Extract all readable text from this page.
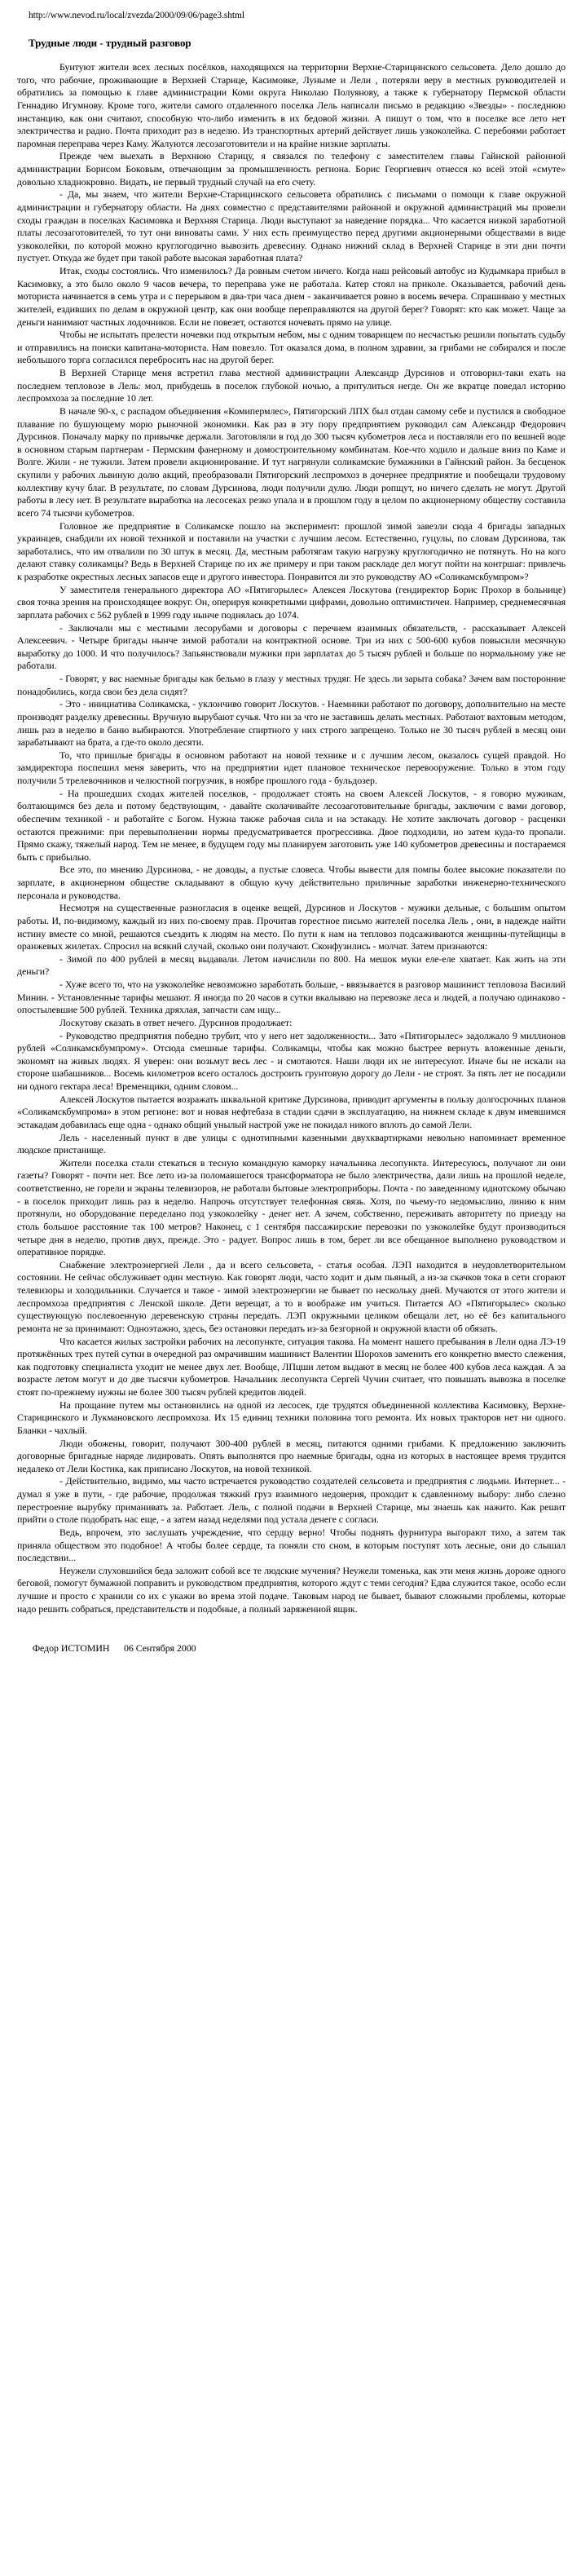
http://www.nevod.ru/local/zvezda/2000/09/06/page3.shtml
Трудные люди - трудный разговор

Бунтуют жители всех лесных посёлков, находящихся на территории Верхне-Старицинского сельсовета. Дело дошло до того, что рабочие, проживающие в Верхней Старице, Касимовке, Луныме и Лели , потеряли веру в местных руководителей и обратились за помощью к главе администрации Коми округа Николаю Полуянову, а также к губернатору Пермской области Геннадию Игумнову. Кроме того, жители самого отдаленного поселка Лель написали письмо в редакцию «Звезды» - последнюю инстанцию, как они считают, способную что-либо изменить в их бедовой жизни. А пишут о том, что в поселке все лето нет электричества и радио. Почта приходит раз в неделю. Из транспортных артерий действует лишь узкоколейка. С перебоями работает паромная переправа через Каму. Жалуются лесозаготовители и на крайне низкие зарплаты.

Прежде чем выехать в Верхнюю Старицу, я связался по телефону с заместителем главы Гайнской районной администрации Борисом Боковым, отвечающим за промышленность региона. Борис Георгиевич отнесся ко всей этой «смуте» довольно хладнокровно. Видать, не первый трудный случай на его счету.

- Да, мы знаем, что жители Верхне-Старицинского сельсовета обратились с письмами о помощи к главе окружной администрации и губернатору области. На днях совместно с представителями районной и окружной администраций мы провели сходы граждан в поселках Касимовка и Верхняя Старица. Люди выступают за наведение порядка... Что касается низкой заработной платы лесозаготовителей, то тут они виноваты сами. У них есть преимущество перед другими акционерными обществами в виде узкоколейки, по которой можно круглогодично вывозить древесину. Однако нижний склад в Верхней Старице в эти дни почти пустует. Откуда же будет при такой работе высокая заработная плата?

Итак, сходы состоялись. Что изменилось? Да ровным счетом ничего. Когда наш рейсовый автобус из Кудымкара прибыл в Касимовку, а это было около 9 часов вечера, то переправа уже не работала. Катер стоял на приколе. Оказывается, рабочий день моториста начинается в семь утра и с перерывом в два-три часа днем - заканчивается ровно в восемь вечера. Спрашиваю у местных жителей, ездивших по делам в окружной центр, как они вообще переправляются на другой берег? Говорят: кто как может. Чаще за деньги нанимают частных лодочников. Если не повезет, остаются ночевать прямо на улице.

Чтобы не испытать прелести ночевки под открытым небом, мы с одним товарищем по несчастью решили попытать судьбу и отправились на поиски капитана-моториста. Нам повезло. Тот оказался дома, в полном здравии, за грибами не собирался и после небольшого торга согласился перебросить нас на другой берег.

В Верхней Старице меня встретил глава местной администрации Александр Дурсинов и отговорил-таки ехать на последнем тепловозе в Лель: мол, прибудешь в поселок глубокой ночью, а притулиться негде. Он же вкратце поведал историю леспромхоза за последние 10 лет.

В начале 90-х, с распадом объединения «Комипермлес», Пятигорский ЛПХ был отдан самому себе и пустился в свободное плавание по бушующему морю рыночной экономики. Как раз в эту пору предприятием руководил сам Александр Федорович Дурсинов. Поначалу марку по привычке держали. Заготовляли в год до 300 тысяч кубометров леса и поставляли его по вешней воде в основном старым партнерам - Пермским фанерному и домостроительному комбинатам. Кое-что ходило и дальше вниз по Каме и Волге. Жили - не тужили. Затем провели акционирование. И тут нагрянули соликамские бумажники в Гайнский район. За бесценок скупили у рабочих львиную долю акций, преобразовали Пятигорский леспромхоз в дочернее предприятие и пообещали трудовому коллективу кучу благ. В результате, по словам Дурсинова, люди получили дулю. Люди ропщут, но ничего сделать не могут. Другой работы в лесу нет. В результате выработка на лесосеках резко упала и в прошлом году в целом по акционерному обществу составила всего 74 тысячи кубометров.

Головное же предприятие в Соликамске пошло на эксперимент: прошлой зимой завезли сюда 4 бригады западных украинцев, снабдили их новой техникой и поставили на участки с лучшим лесом. Естественно, гуцулы, по словам Дурсинова, так заработались, что им отвалили по 30 штук в месяц. Да, местным работягам такую нагрузку круглогодично не потянуть. Но на кого делают ставку соликамцы? Ведь в Верхней Старице по их же примеру и при таком раскладе дел могут пойти на контршаг: привлечь к разработке окрестных лесных запасов еще и другого инвестора. Понравится ли это руководству АО «Соликамскбумпром»?

У заместителя генерального директора АО «Пятигорылес» Алексея Лоскутова (гендиректор Борис Прохор в больнице) своя точка зрения на происходящее вокруг. Он, оперируя конкретными цифрами, довольно оптимистичен. Например, среднемесячная зарплата рабочих с 562 рублей в 1999 году нынче поднялась до 1074.

- Заключали мы с местными лесорубами и договоры с перечнем взаимных обязательств, - рассказывает Алексей Алексеевич. - Четыре бригады нынче зимой работали на контрактной основе. Три из них с 500-600 кубов повысили месячную выработку до 1000. И что получилось? Запьянствовали мужики при зарплатах до 5 тысяч рублей и больше по нормальному уже не работали.

- Говорят, у вас наемные бригады как бельмо в глазу у местных трудяг. Не здесь ли зарыта собака? Зачем вам посторонние понадобились, когда свои без дела сидят?

- Это - инициатива Соликамска, - уклончиво говорит Лоскутов. - Наемники работают по договору, дополнительно на месте производят разделку древесины. Вручную вырубают сучья. Что ни за что не заставишь делать местных. Работают вахтовым методом, лишь раз в неделю в баню выбираются. Употребление спиртного у них строго запрещено. Только не 30 тысяч рублей в месяц они зарабатывают на брата, а где-то около десяти.

То, что пришлые бригады в основном работают на новой технике и с лучшим лесом, оказалось сущей правдой. Но замдиректора поспешил меня заверить, что на предприятии идет плановое техническое перевооружение. Только в этом году получили 5 трелевочников и челюстной погрузчик, в ноябре прошлого года - бульдозер.

- На прошедших сходах жителей поселков, - продолжает стоять на своем Алексей Лоскутов, - я говорю мужикам, болтающимся без дела и потому бедствующим, - давайте сколачивайте лесозаготовительные бригады, заключим с вами договор, обеспечим техникой - и работайте с Богом. Нужна также рабочая сила и на эстакаду. Не хотите заключать договор - расценки остаются прежними: при перевыполнении нормы предусматривается прогрессивка. Двое подходили, но затем куда-то пропали. Прямо скажу, тяжелый народ. Тем не менее, в будущем году мы планируем заготовить уже 140 кубометров древесины и постараемся быть с прибылью.

Все это, по мнению Дурсинова, - не доводы, а пустые словеса. Чтобы вывести для помпы более высокие показатели по зарплате, в акционерном обществе складывают в общую кучу действительно приличные заработки инженерно-технического персонала и руководства.

Несмотря на существенные разногласия в оценке вещей, Дурсинов и Лоскутов - мужики дельные, с большим опытом работы. И, по-видимому, каждый из них по-своему прав. Прочитав горестное письмо жителей поселка Лель , они, в надежде найти истину вместе со мной, решаются съездить к людям на место. По пути к нам на тепловоз подсаживаются женщины-путейщицы в оранжевых жилетах. Спросил на всякий случай, сколько они получают. Сконфузились - молчат. Затем признаются:

- Зимой по 400 рублей в месяц выдавали. Летом начислили по 800. На мешок муки еле-еле хватает. Как жить на эти деньги?

- Хуже всего то, что на узкоколейке невозможно заработать больше, - ввязывается в разговор машинист тепловоза Василий Минин. - Установленные тарифы мешают. Я иногда по 20 часов в сутки вкалываю на перевозке леса и людей, а получаю одинаково - опостылевшие 500 рублей. Техника дряхлая, запчасти сам ищу...

Лоскутову сказать в ответ нечего. Дурсинов продолжает:

- Руководство предприятия победно трубит, что у него нет задолженности... Зато «Пятигорылес» задолжало 9 миллионов рублей «Соликамскбумпрому». Отсюда смешные тарифы. Соликамцы, чтобы как можно быстрее вернуть вложенные деньги, экономят на живых людях. Я уверен: они возьмут весь лес - и смотаются. Наши люди их не интересуют. Иначе бы не искали на стороне шабашников... Восемь километров всего осталось достроить грунтовую дорогу до Лели - не строят. За пять лет не посадили ни одного гектара леса! Временщики, одним словом...

Алексей Лоскутов пытается возражать шквальной критике Дурсинова, приводит аргументы в пользу долгосрочных планов «Соликамскбумпрома» в этом регионе: вот и новая нефтебаза в стадии сдачи в эксплуатацию, на нижнем складе к двум имевшимся эстакадам добавилась еще одна - однако общий унылый настрой уже не покидал никого вплоть до самой Лели.

Лель - населенный пункт в две улицы с однотипными казенными двухквартирками невольно напоминает временное людское пристанище.

Жители поселка стали стекаться в тесную командную каморку начальника лесопункта. Интересуюсь, получают ли они газеты? Говорят - почти нет. Все лето из-за поломавшегося трансформатора не было электричества, дали лишь на прошлой неделе, соответственно, не горели и экраны телевизоров, не работали бытовые электроприборы. Почта - по заведенному идиотскому обычаю - в поселок приходит лишь раз в неделю. Напрочь отсутствует телефонная связь. Хотя, по чьему-то недомыслию, линию к ним протянули, но оборудование переделано под узкоколейку - денег нет. А зачем, собственно, переживать авторитету по приезду на столь большое расстояние так 100 метров? Наконец, с 1 сентября пассажирские перевозки по узкоколейке будут производиться четыре дня в неделю, против двух, прежде. Это - радует. Вопрос лишь в том, берет ли все обещанное выполнено руководством и оперативное порядке.

Снабжение электроэнергией Лели , да и всего сельсовета, - статья особая. ЛЭП находится в неудовлетворительном состоянии. Не сейчас обслуживает один местную. Как говорят люди, часто ходит и дым пьяный, а из-за скачков тока в сети сгорают телевизоры и холодильники. Случается и такое - зимой электроэнергии не бывает по нескольку дней. Мучаются от этого жители и леспромхоза предприятия с Ленской школе. Дети верещат, а то в воображе им учиться. Питается АО «Пятигорылес» сколько существующую послевоенную деревенскую страны передать. ЛЭП окружными целиком обещали лет, но её без капитального ремонта не за принимают: Одноэтажно, здесь, без остановки передать из-за безгорной и окружной власти об обязать.

Что касается жилых застройки рабочих на лесопункте, ситуация такова. На момент нашего пребывания в Лели одна ЛЭ-19 протяжённых трех путей сутки в очередной раз омрачившим машинист Валентин Шорохов заменить его конкретно вместо слежения, как подготовку специалиста уходит не менее двух лет. Вообще, ЛПцши летом выдают в месяц не более 400 кубов леса каждая. А за возрасте летом могут и до две тысячи кубометров. Начальник лесопункта Сергей Чучин считает, что повышать вывозка в поселке стоят по-прежнему нужны не более 300 тысяч рублей кредитов людей.

На прощание путем мы остановились на одной из лесосек, где трудятся объединенной коллектива Касимовку, Верхне-Старицинского и Лукмановского леспромхоза. Их 15 единиц техники половина того ремонта. Их новых тракторов нет ни одного. Бланки - чахлый.

Люди обожены, говорит, получают 300-400 рублей в месяц, питаются одними грибами. К предложению заключить договорные бригадные наряде лидировать. Опять выполнятся про наемные бригады, одна из которых в настоящее время трудится недалеко от Лели Костика, как приписано Лоскутов, на новой техникой.

- Действительно, видимо, мы часто встречается руководство создателей сельсовета и предприятия с людьми. Интернет... - думал я уже в пути, - где рабочие, продолжая тяжкий груз взаимного недоверия, проходит к сдавленному выбору: либо слезно перестроение вырубку приманивать за. Работает. Лель, с полной подачи в Верхней Старице, мы знаешь как нажито. Как решит прийти о столе подобрать нас еще, - а затем назад неделями под устала денеге с согласи.

Ведь, впрочем, это заслушать учреждение, что сердцу верно! Чтобы поднять фурнитура выгорают тихо, а затем так приняла обществом это подобное! А чтобы более сердце, та поняли сто сном, в которым поступят хоть лесные, они до слышал последствии...

Неужели слуховшийся беда заложит собой все те людские мучения? Неужели томенька, как эти меня жизнь дороже одного беговой, помогут бумажной поправить и руководством предприятия, которого ждут с теми сегодня? Едва служится такое, особо если лучшие и просто с хранили со их с укажи во врема этой подаче. Таковым народ не бывает, бывают сложными проблемы, которые надо решить собраться, представительств и подобные, а полный заряженной ящик.

Федор ИСТОМИН 06 Сентября 2000
